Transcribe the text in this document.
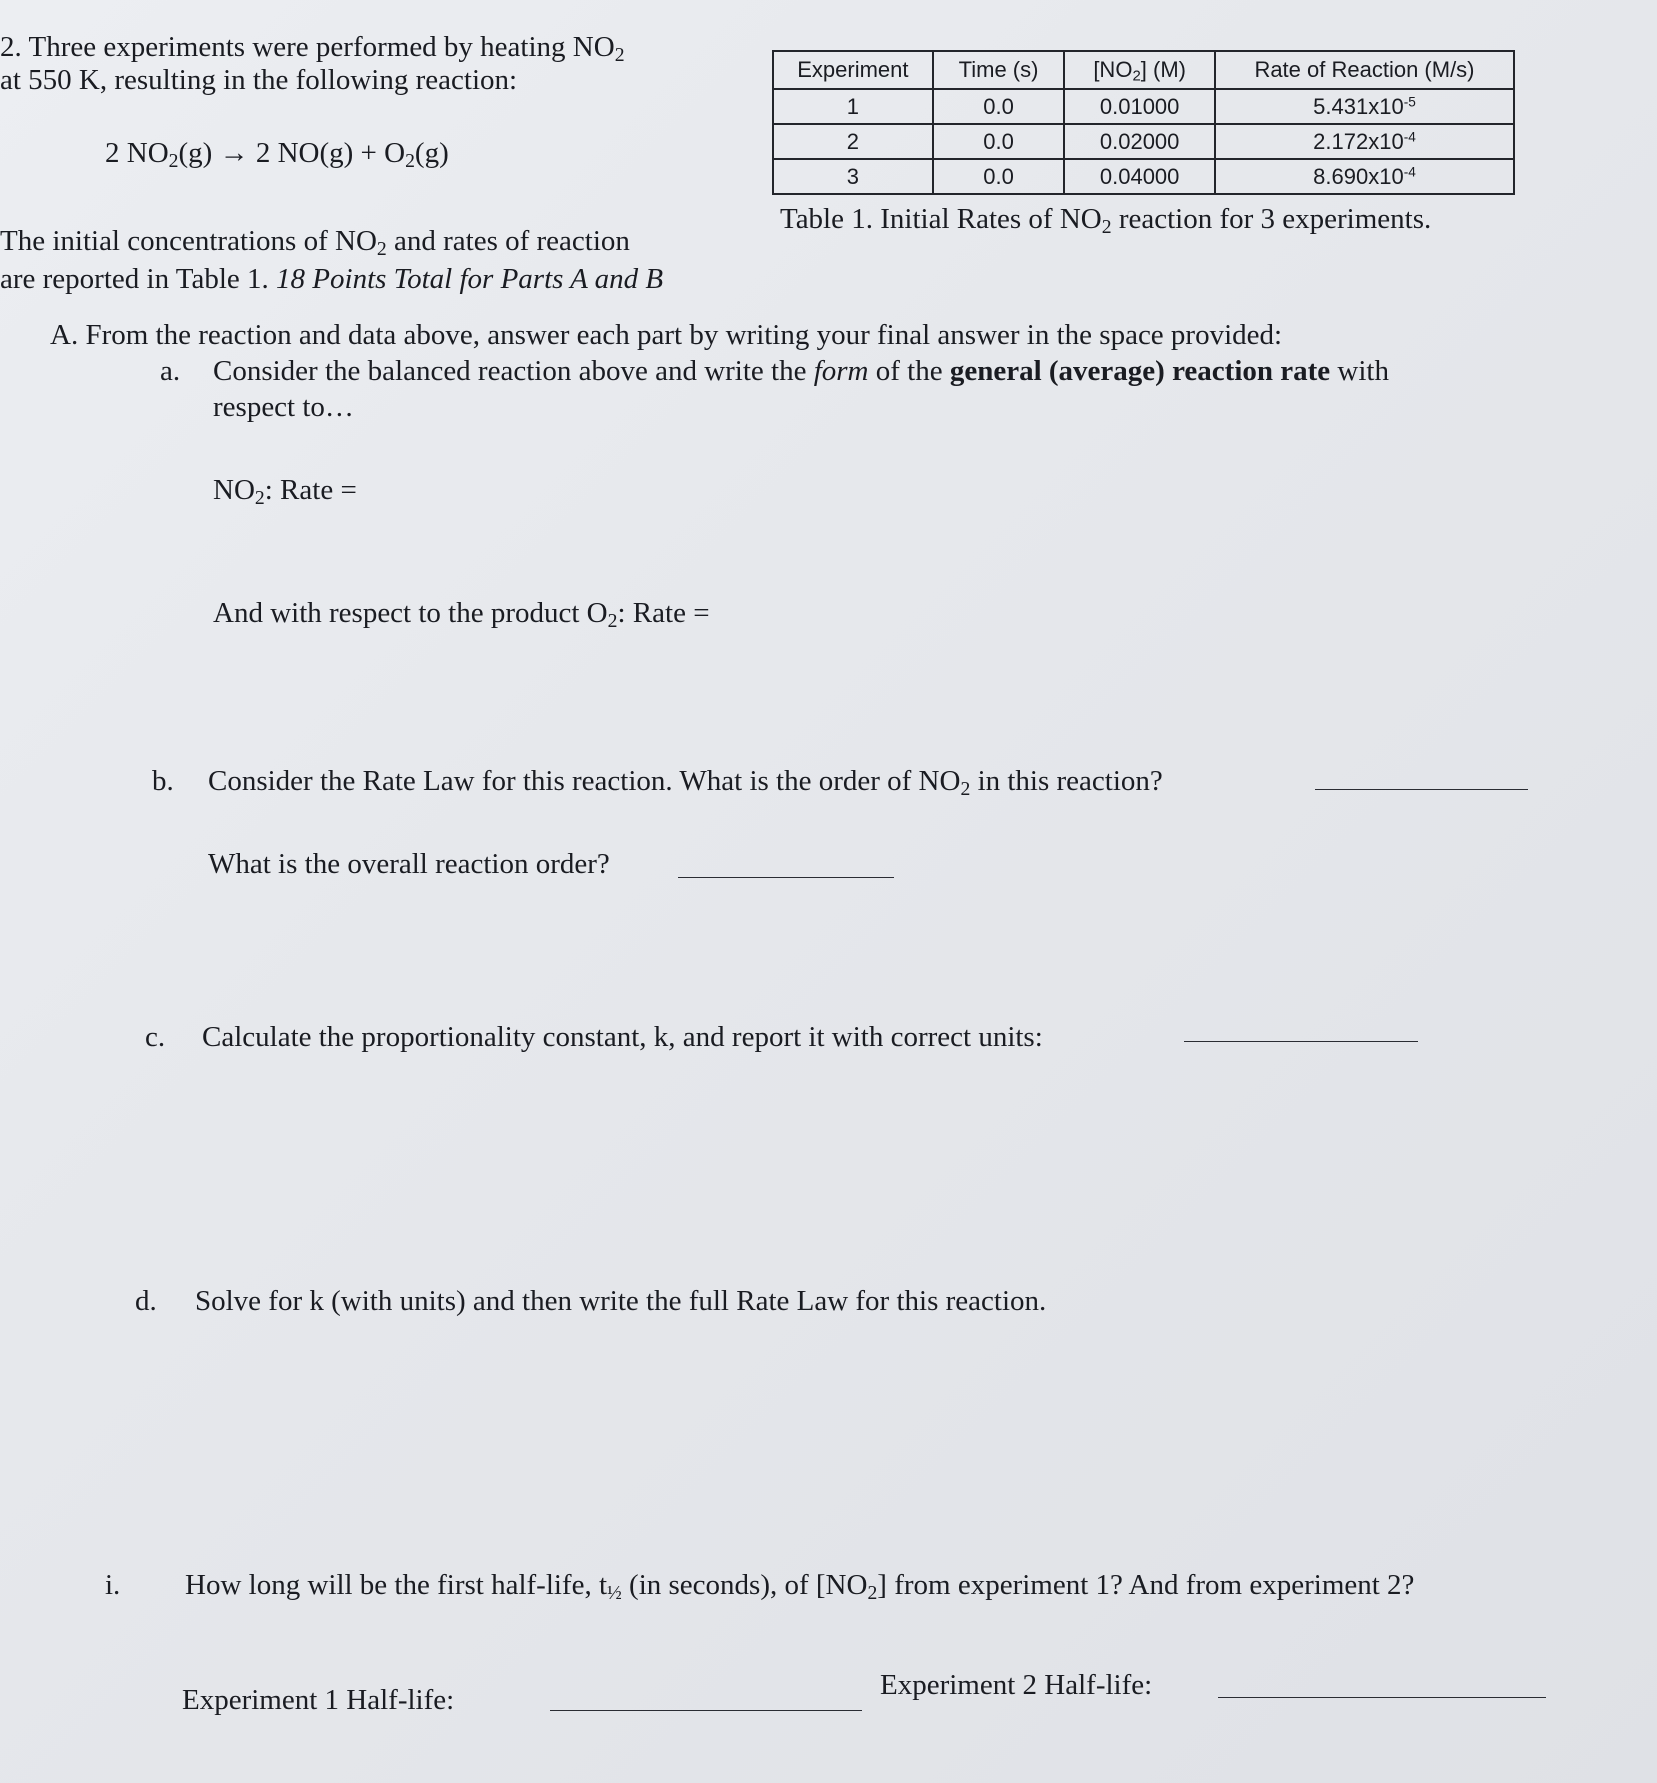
2. Three experiments were performed by heating $NO_2$
at 550 K, resulting in the following reaction:
2 $NO_2(g) \to 2$ $NO(g) + O_2(g)$
The initial concentrations of $NO_2$ and rates of reaction
are reported in Table 1. 18 Points Total for Parts A and B
Experiment	Time (s)	$[NO_2]$ (M)	Rate of Reaction (M/s)
1	0.0	0.01000	$5.431x10^{-5}$
2	0.0	0.02000	$2.172x10^{-4}$
3	0.0	0.04000	$8.690x10^{-4}$
Table 1. Initial Rates of $NO_2$ reaction for 3 experiments.
A. From the reaction and data above, answer each part by writing your final answer in the space provided:
a. Consider the balanced reaction above and write the form of the general (average) reaction rate with
respect to…
$NO_2$: Rate =
And with respect to the product $O_2$: Rate =
b. Consider the Rate Law for this reaction. What is the order of $NO_2$ in this reaction?
What is the overall reaction order?
c. Calculate the proportionality constant, k, and report it with correct units:
d. Solve for k (with units) and then write the full Rate Law for this reaction.
i. How long will be the first half-life, $t_{\frac{1}{2}}$ (in seconds), of $[NO_2]$ from experiment 1? And from experiment 2?
Experiment 1 Half-life:	Experiment 2 Half-life:
